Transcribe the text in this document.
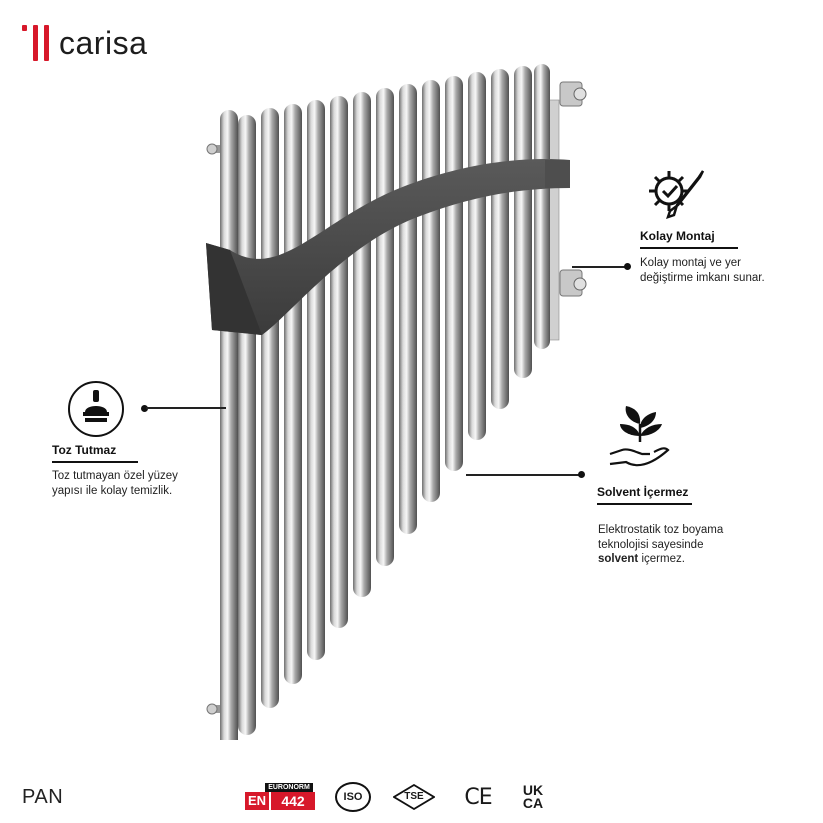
carisa
Kolay Montaj
Kolay montaj ve yer değiştirme imkanı sunar.
Toz Tutmaz
Toz tutmayan özel yüzey yapısı ile kolay temizlik.	Solvent İçermez
Elektrostatik toz boyama teknolojisi sayesinde solvent içermez.
PAN	EURONORM
EN	442	ISO	TSE	CE	UK
CA
